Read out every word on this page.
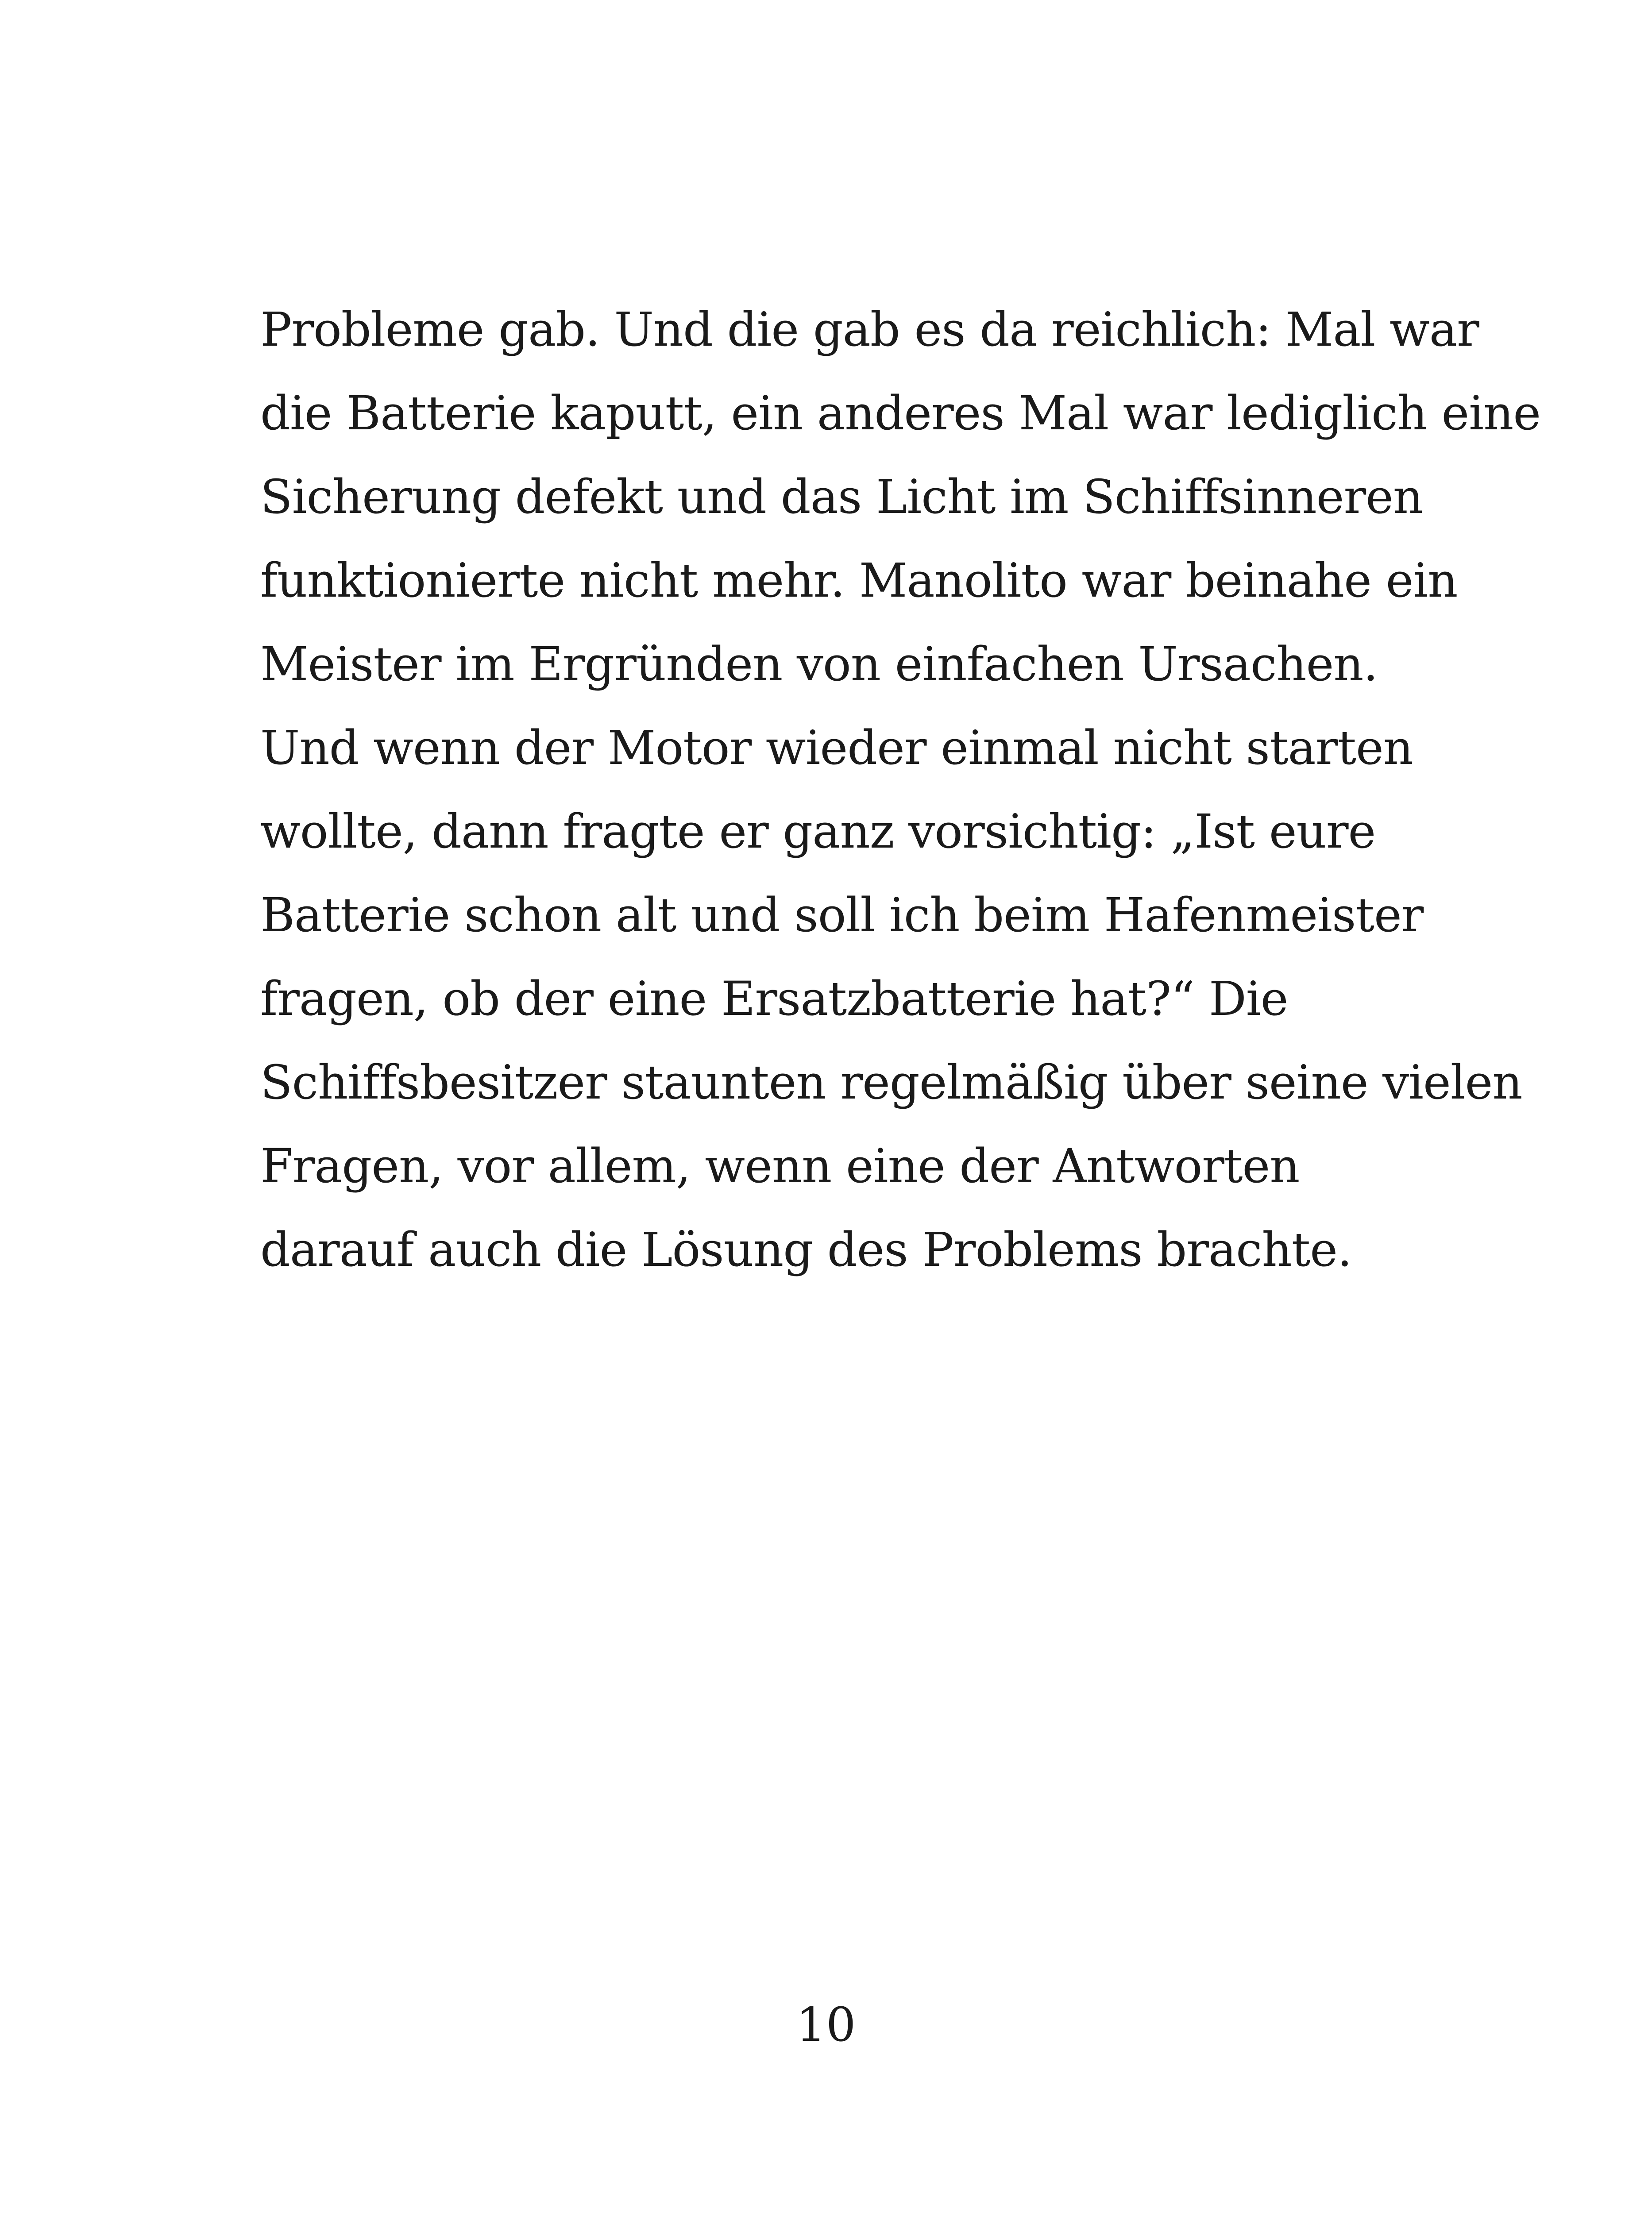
Probleme gab. Und die gab es da reichlich: Mal war
die Batterie kaputt, ein anderes Mal war lediglich eine
Sicherung defekt und das Licht im Schiffsinneren
funktionierte nicht mehr. Manolito war beinahe ein
Meister im Ergründen von einfachen Ursachen.
Und wenn der Motor wieder einmal nicht starten
wollte, dann fragte er ganz vorsichtig: „Ist eure
Batterie schon alt und soll ich beim Hafenmeister
fragen, ob der eine Ersatzbatterie hat?“ Die
Schiffsbesitzer staunten regelmäßig über seine vielen
Fragen, vor allem, wenn eine der Antworten
darauf auch die Lösung des Problems brachte.
10
